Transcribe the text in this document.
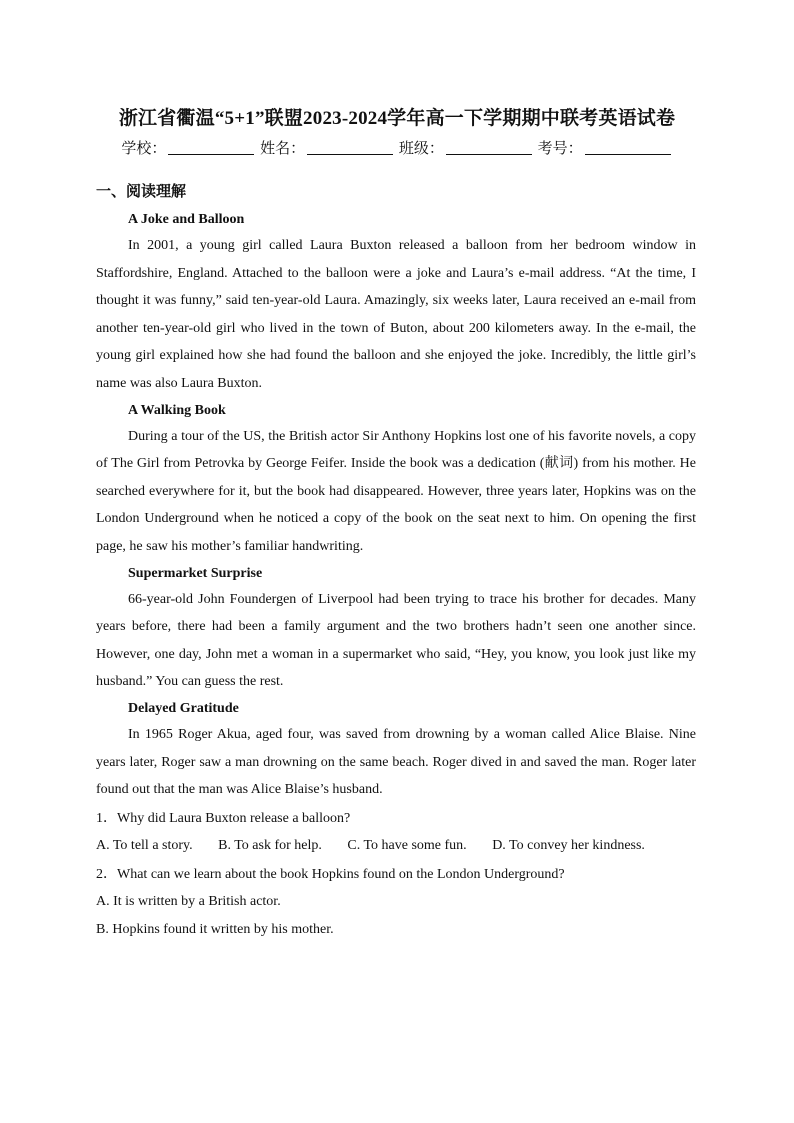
浙江省衢温“5+1”联盟2023-2024学年高一下学期期中联考英语试卷
学校：	姓名：	班级：	考号：
一、阅读理解
A Joke and Balloon

In 2001, a young girl called Laura Buxton released a balloon from her bedroom window in Staffordshire, England. Attached to the balloon were a joke and Laura’s e-mail address. “At the time, I thought it was funny,” said ten-year-old Laura. Amazingly, six weeks later, Laura received an e-mail from another ten-year-old girl who lived in the town of Buton, about 200 kilometers away. In the e-mail, the young girl explained how she had found the balloon and she enjoyed the joke. Incredibly, the little girl’s name was also Laura Buxton.

A Walking Book

During a tour of the US, the British actor Sir Anthony Hopkins lost one of his favorite novels, a copy of The Girl from Petrovka by George Feifer. Inside the book was a dedication (献词) from his mother. He searched everywhere for it, but the book had disappeared. However, three years later, Hopkins was on the London Underground when he noticed a copy of the book on the seat next to him. On opening the first page, he saw his mother’s familiar handwriting.

Supermarket Surprise

66-year-old John Foundergen of Liverpool had been trying to trace his brother for decades. Many years before, there had been a family argument and the two brothers hadn’t seen one another since. However, one day, John met a woman in a supermarket who said, “Hey, you know, you look just like my husband.” You can guess the rest.

Delayed Gratitude

In 1965 Roger Akua, aged four, was saved from drowning by a woman called Alice Blaise. Nine years later, Roger saw a man drowning on the same beach. Roger dived in and saved the man. Roger later found out that the man was Alice Blaise’s husband.

1．Why did Laura Buxton release a balloon?
A. To tell a story. B. To ask for help. C. To have some fun. D. To convey her kindness.
2．What can we learn about the book Hopkins found on the London Underground?
A. It is written by a British actor.
B. Hopkins found it written by his mother.
